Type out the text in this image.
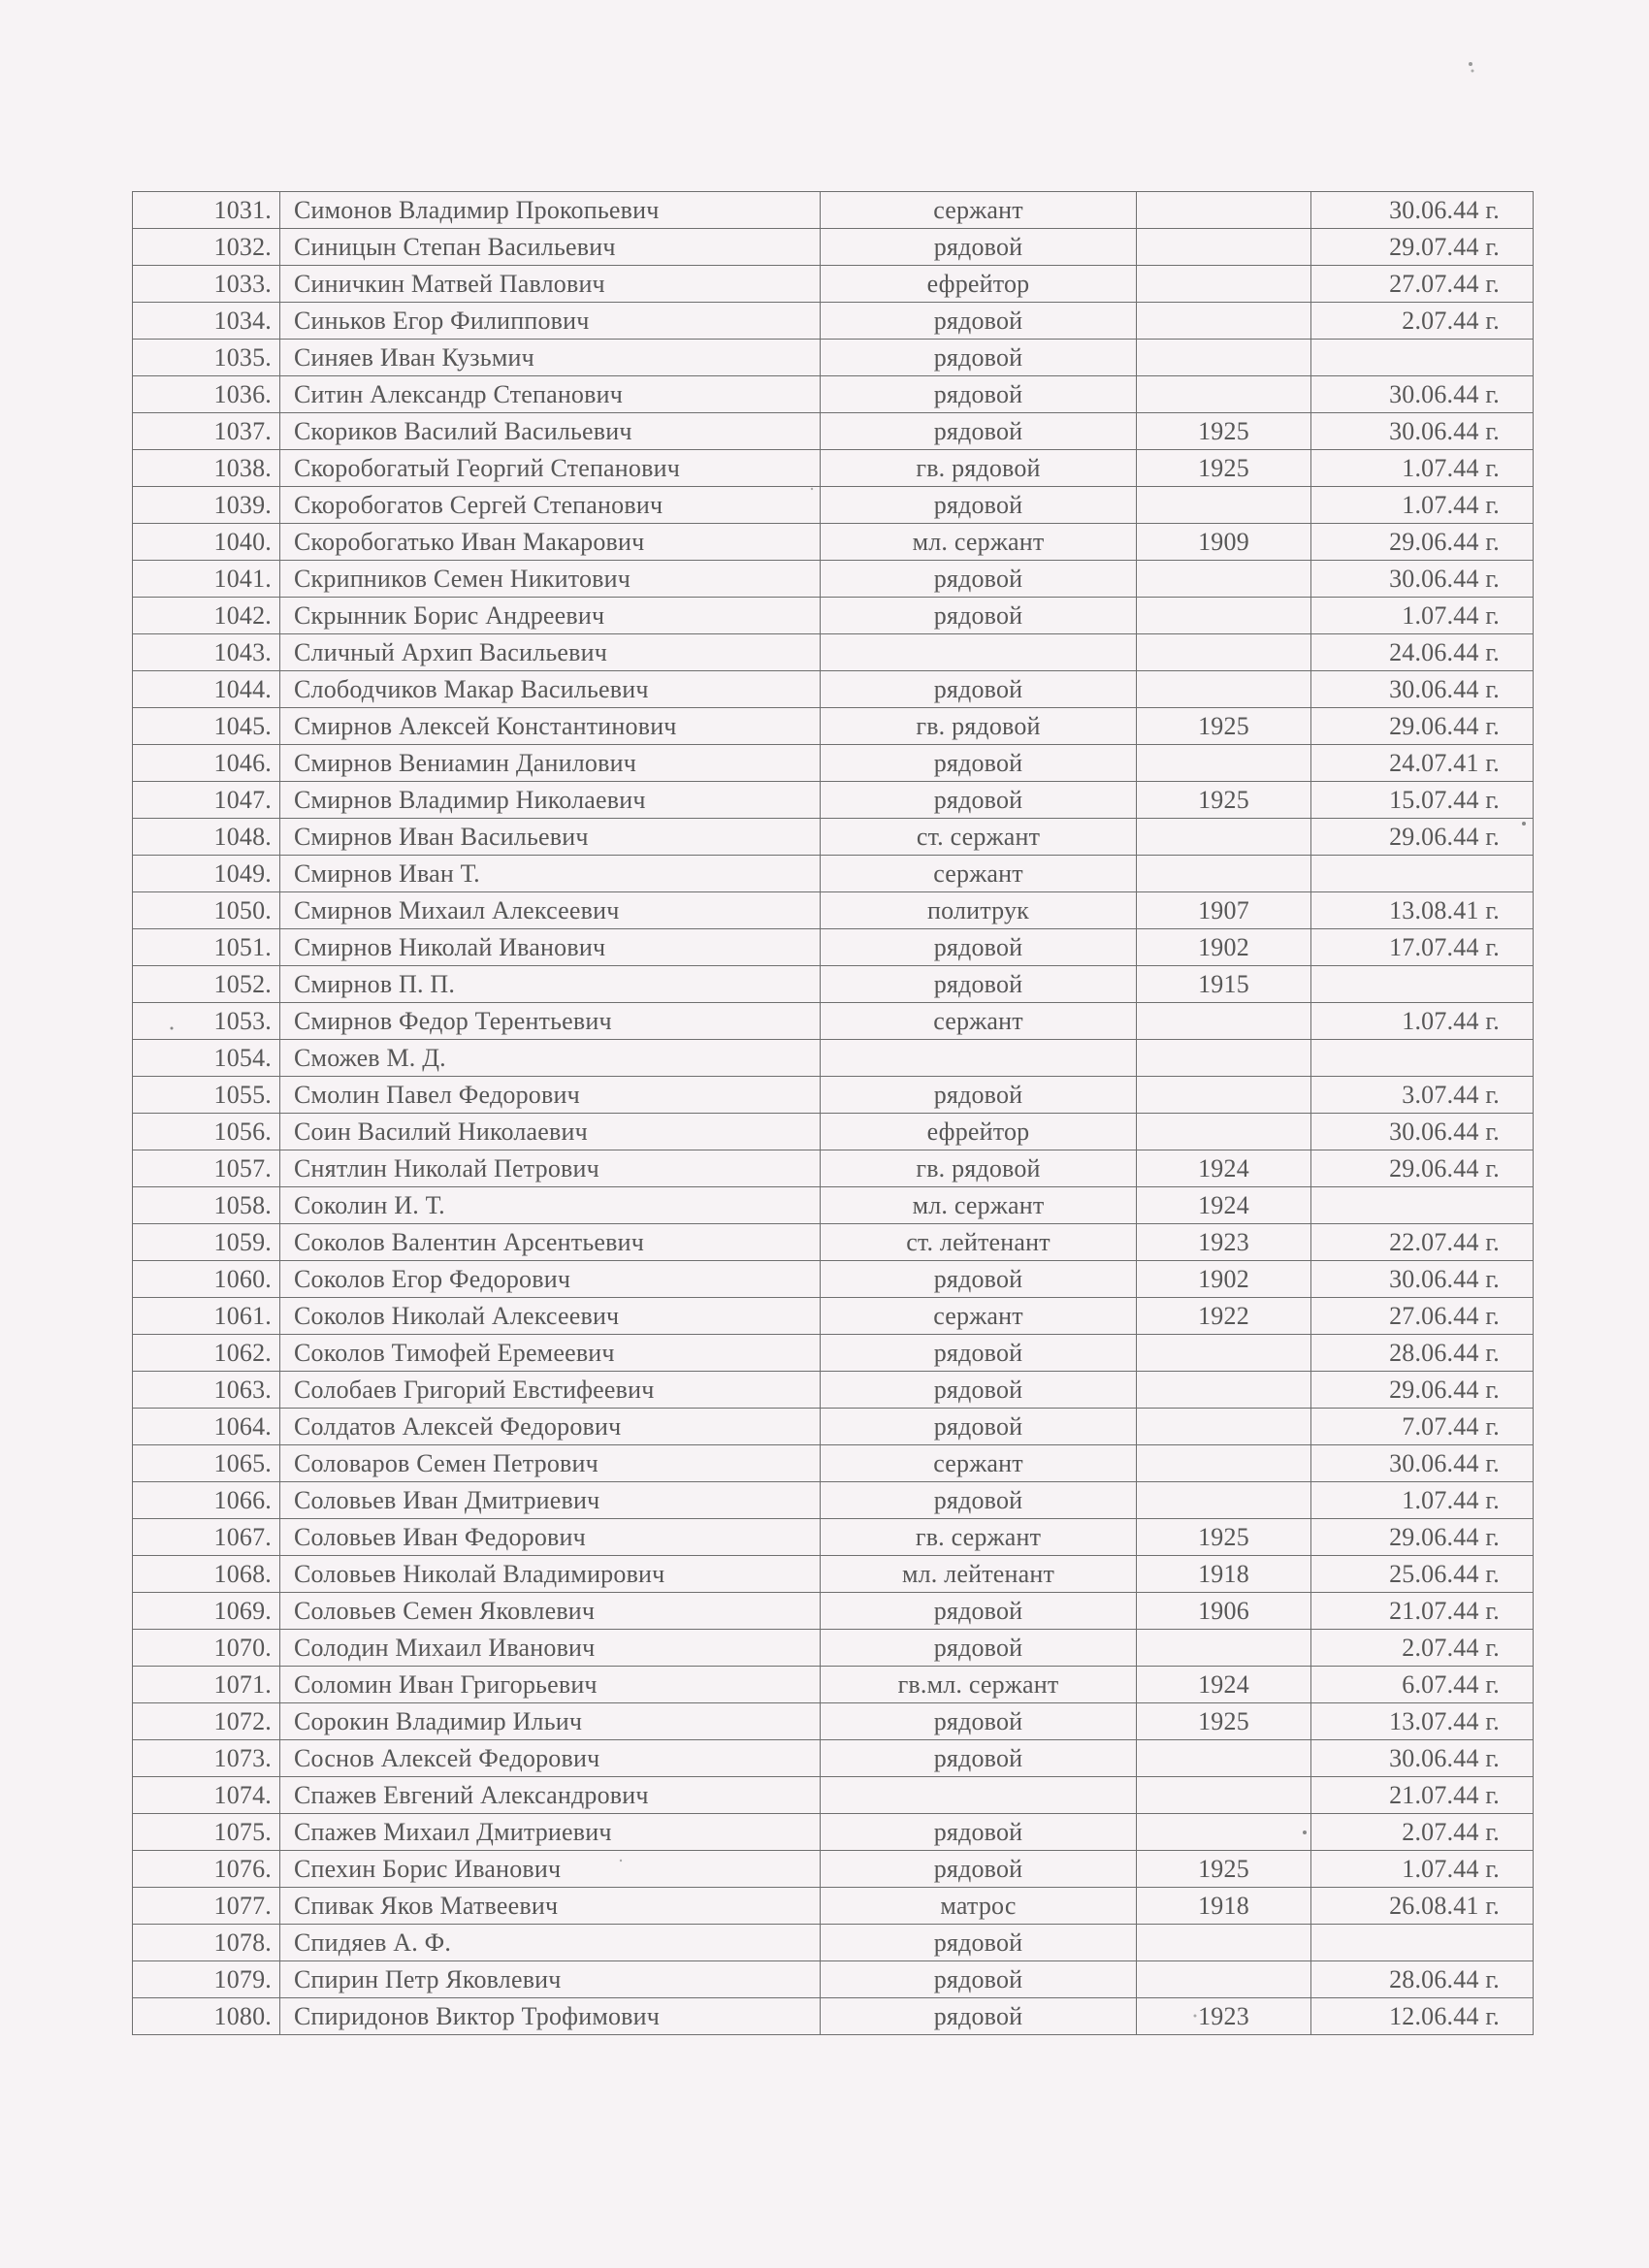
1031.	Симонов Владимир Прокопьевич	сержант		30.06.44 г.
1032.	Синицын Степан Васильевич	рядовой		29.07.44 г.
1033.	Синичкин Матвей Павлович	ефрейтор		27.07.44 г.
1034.	Синьков Егор Филиппович	рядовой		2.07.44 г.
1035.	Синяев Иван Кузьмич	рядовой		
1036.	Ситин Александр Степанович	рядовой		30.06.44 г.
1037.	Скориков Василий Васильевич	рядовой	1925	30.06.44 г.
1038.	Скоробогатый Георгий Степанович	гв. рядовой	1925	1.07.44 г.
1039.	Скоробогатов Сергей Степанович	рядовой		1.07.44 г.
1040.	Скоробогатько Иван Макарович	мл. сержант	1909	29.06.44 г.
1041.	Скрипников Семен Никитович	рядовой		30.06.44 г.
1042.	Скрынник Борис Андреевич	рядовой		1.07.44 г.
1043.	Сличный Архип Васильевич			24.06.44 г.
1044.	Слободчиков Макар Васильевич	рядовой		30.06.44 г.
1045.	Смирнов Алексей Константинович	гв. рядовой	1925	29.06.44 г.
1046.	Смирнов Вениамин Данилович	рядовой		24.07.41 г.
1047.	Смирнов Владимир Николаевич	рядовой	1925	15.07.44 г.
1048.	Смирнов Иван Васильевич	ст. сержант		29.06.44 г.
1049.	Смирнов Иван Т.	сержант		
1050.	Смирнов Михаил Алексеевич	политрук	1907	13.08.41 г.
1051.	Смирнов Николай Иванович	рядовой	1902	17.07.44 г.
1052.	Смирнов П. П.	рядовой	1915	
1053.	Смирнов Федор Терентьевич	сержант		1.07.44 г.
1054.	Сможев М. Д.			
1055.	Смолин Павел Федорович	рядовой		3.07.44 г.
1056.	Соин Василий Николаевич	ефрейтор		30.06.44 г.
1057.	Снятлин Николай Петрович	гв. рядовой	1924	29.06.44 г.
1058.	Соколин И. Т.	мл. сержант	1924	
1059.	Соколов Валентин Арсентьевич	ст. лейтенант	1923	22.07.44 г.
1060.	Соколов Егор Федорович	рядовой	1902	30.06.44 г.
1061.	Соколов Николай Алексеевич	сержант	1922	27.06.44 г.
1062.	Соколов Тимофей Еремеевич	рядовой		28.06.44 г.
1063.	Солобаев Григорий Евстифеевич	рядовой		29.06.44 г.
1064.	Солдатов Алексей Федорович	рядовой		7.07.44 г.
1065.	Соловаров Семен Петрович	сержант		30.06.44 г.
1066.	Соловьев Иван Дмитриевич	рядовой		1.07.44 г.
1067.	Соловьев Иван Федорович	гв. сержант	1925	29.06.44 г.
1068.	Соловьев Николай Владимирович	мл. лейтенант	1918	25.06.44 г.
1069.	Соловьев Семен Яковлевич	рядовой	1906	21.07.44 г.
1070.	Солодин Михаил Иванович	рядовой		2.07.44 г.
1071.	Соломин Иван Григорьевич	гв.мл. сержант	1924	6.07.44 г.
1072.	Сорокин Владимир Ильич	рядовой	1925	13.07.44 г.
1073.	Соснов Алексей Федорович	рядовой		30.06.44 г.
1074.	Спажев Евгений Александрович			21.07.44 г.
1075.	Спажев Михаил Дмитриевич	рядовой		2.07.44 г.
1076.	Спехин Борис Иванович	рядовой	1925	1.07.44 г.
1077.	Спивак Яков Матвеевич	матрос	1918	26.08.41 г.
1078.	Спидяев А. Ф.	рядовой		
1079.	Спирин Петр Яковлевич	рядовой		28.06.44 г.
1080.	Спиридонов Виктор Трофимович	рядовой	1923	12.06.44 г.
